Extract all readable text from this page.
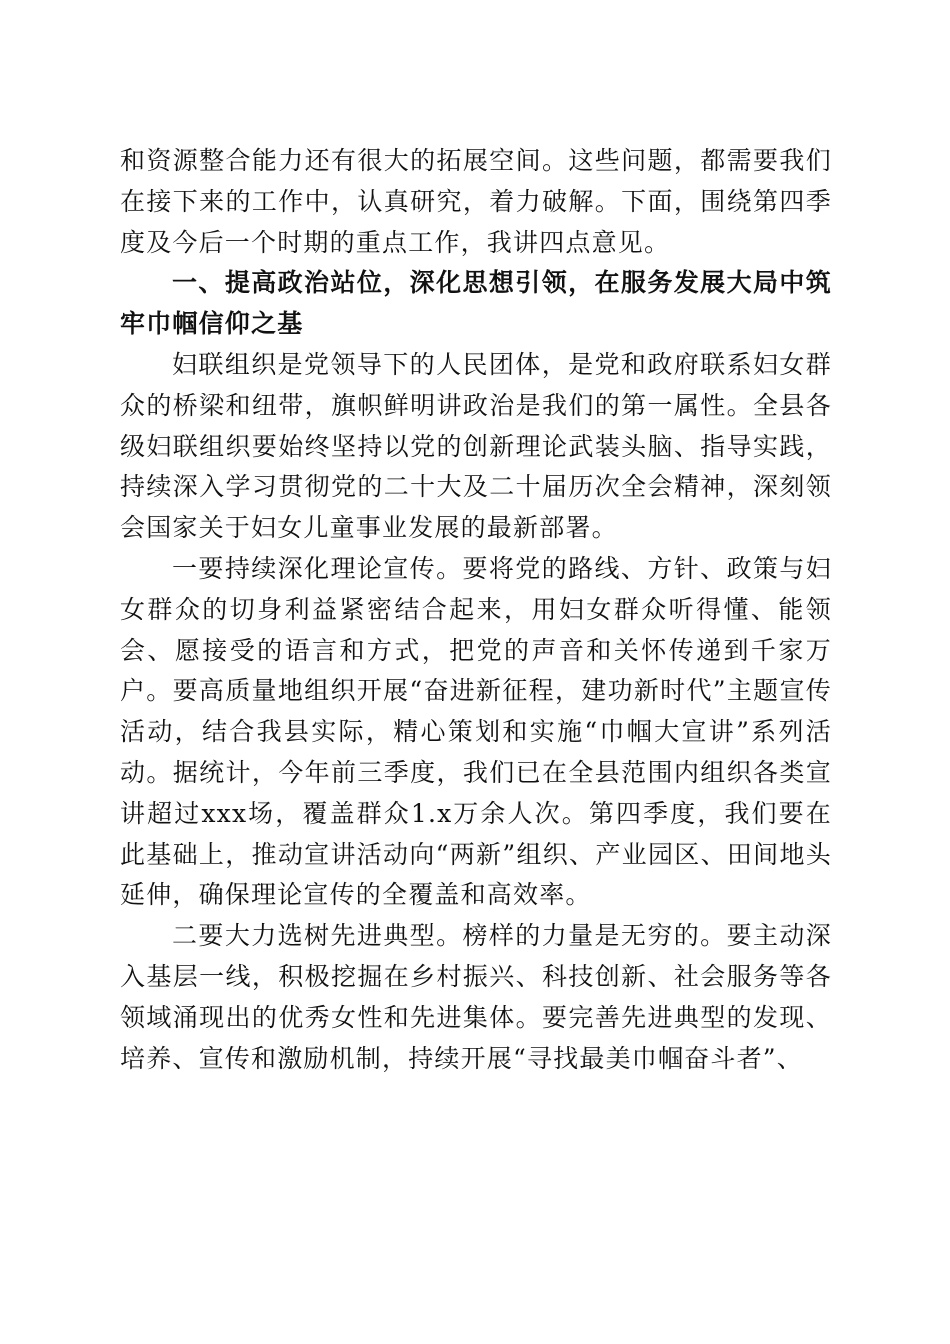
和资源整合能力还有很大的拓展空间。这些问题，都需要我们在接下来的工作中，认真研究，着力破解。下面，围绕第四季度及今后一个时期的重点工作，我讲四点意见。

一、提高政治站位，深化思想引领，在服务发展大局中筑牢巾帼信仰之基

妇联组织是党领导下的人民团体，是党和政府联系妇女群众的桥梁和纽带，旗帜鲜明讲政治是我们的第一属性。全县各级妇联组织要始终坚持以党的创新理论武装头脑、指导实践，持续深入学习贯彻党的二十大及二十届历次全会精神，深刻领会国家关于妇女儿童事业发展的最新部署。

一要持续深化理论宣传。要将党的路线、方针、政策与妇女群众的切身利益紧密结合起来，用妇女群众听得懂、能领会、愿接受的语言和方式，把党的声音和关怀传递到千家万户。要高质量地组织开展“奋进新征程，建功新时代”主题宣传活动，结合我县实际，精心策划和实施“巾帼大宣讲”系列活动。据统计，今年前三季度，我们已在全县范围内组织各类宣讲超过xxx场，覆盖群众1.x万余人次。第四季度，我们要在此基础上，推动宣讲活动向“两新”组织、产业园区、田间地头延伸，确保理论宣传的全覆盖和高效率。

二要大力选树先进典型。榜样的力量是无穷的。要主动深入基层一线，积极挖掘在乡村振兴、科技创新、社会服务等各领域涌现出的优秀女性和先进集体。要完善先进典型的发现、培养、宣传和激励机制，持续开展“寻找最美巾帼奋斗者”、
